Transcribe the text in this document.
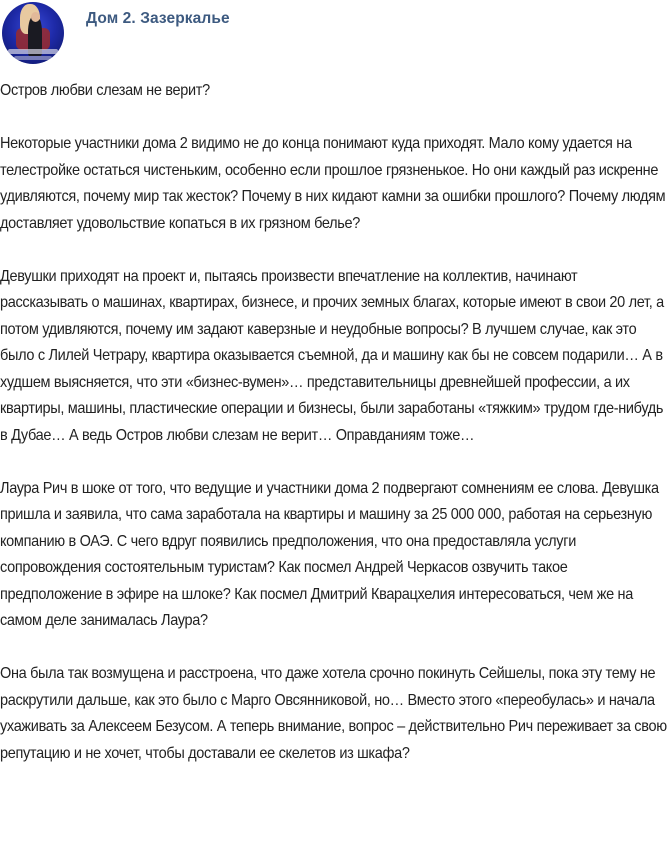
Дом 2. Зазеркалье

Остров любви слезам не верит?

Некоторые участники дома 2 видимо не до конца понимают куда приходят. Мало кому удается на телестройке остаться чистеньким, особенно если прошлое грязненькое. Но они каждый раз искренне удивляются, почему мир так жесток? Почему в них кидают камни за ошибки прошлого? Почему людям доставляет удовольствие копаться в их грязном белье?

Девушки приходят на проект и, пытаясь произвести впечатление на коллектив, начинают рассказывать о машинах, квартирах, бизнесе, и прочих земных благах, которые имеют в свои 20 лет, а потом удивляются, почему им задают каверзные и неудобные вопросы? В лучшем случае, как это было с Лилей Четрару, квартира оказывается съемной, да и машину как бы не совсем подарили… А в худшем выясняется, что эти «бизнес-вумен»… представительницы древнейшей профессии, а их квартиры, машины, пластические операции и бизнесы, были заработаны «тяжким» трудом где-нибудь в Дубае… А ведь Остров любви слезам не верит… Оправданиям тоже…

Лаура Рич в шоке от того, что ведущие и участники дома 2 подвергают сомнениям ее слова. Девушка пришла и заявила, что сама заработала на квартиры и машину за 25 000 000, работая на серьезную компанию в ОАЭ. С чего вдруг появились предположения, что она предоставляла услуги сопровождения состоятельным туристам? Как посмел Андрей Черкасов озвучить такое предположение в эфире на шлоке? Как посмел Дмитрий Кварацхелия интересоваться, чем же на самом деле занималась Лаура?

Она была так возмущена и расстроена, что даже хотела срочно покинуть Сейшелы, пока эту тему не раскрутили дальше, как это было с Марго Овсянниковой, но… Вместо этого «переобулась» и начала ухаживать за Алексеем Безусом. А теперь внимание, вопрос – действительно Рич переживает за свою репутацию и не хочет, чтобы доставали ее скелетов из шкафа?
